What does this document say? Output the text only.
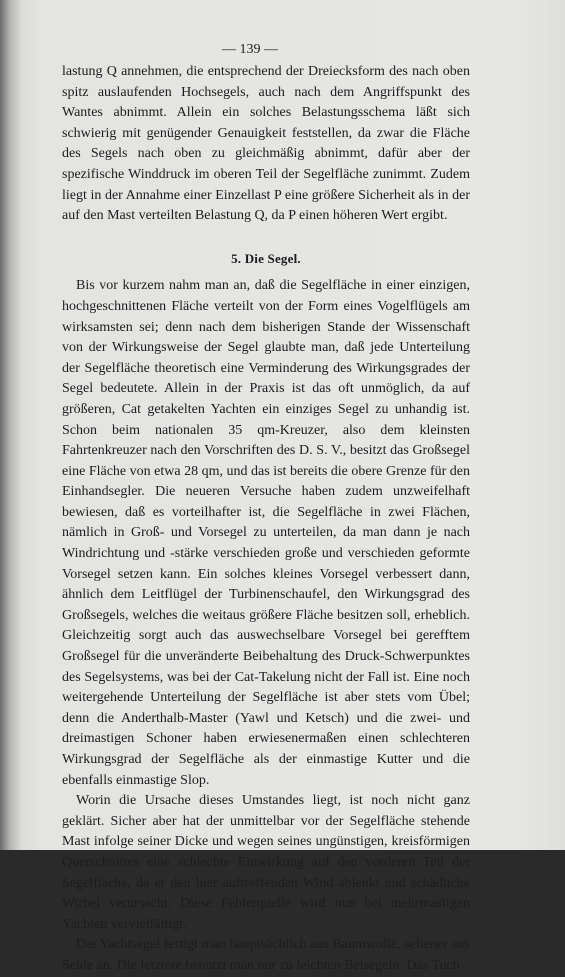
— 139 —

lastung Q annehmen, die entsprechend der Dreiecksform des nach oben spitz auslaufenden Hochsegels, auch nach dem Angriffspunkt des Wantes abnimmt. Allein ein solches Belastungsschema läßt sich schwierig mit genügender Genauigkeit feststellen, da zwar die Fläche des Segels nach oben zu gleichmäßig abnimmt, dafür aber der spezifische Winddruck im oberen Teil der Segelfläche zunimmt. Zudem liegt in der Annahme einer Einzellast P eine größere Sicherheit als in der auf den Mast verteilten Belastung Q, da P einen höheren Wert ergibt.

5. Die Segel.

Bis vor kurzem nahm man an, daß die Segelfläche in einer einzigen, hochgeschnittenen Fläche verteilt von der Form eines Vogelflügels am wirksamsten sei; denn nach dem bisherigen Stande der Wissenschaft von der Wirkungsweise der Segel glaubte man, daß jede Unterteilung der Segelfläche theoretisch eine Verminderung des Wirkungsgrades der Segel bedeutete. Allein in der Praxis ist das oft unmöglich, da auf größeren, Cat getakelten Yachten ein einziges Segel zu unhandig ist. Schon beim nationalen 35 qm-Kreuzer, also dem kleinsten Fahrtenkreuzer nach den Vorschriften des D. S. V., besitzt das Großsegel eine Fläche von etwa 28 qm, und das ist bereits die obere Grenze für den Einhandsegler. Die neueren Versuche haben zudem unzweifelhaft bewiesen, daß es vorteilhafter ist, die Segelfläche in zwei Flächen, nämlich in Groß- und Vorsegel zu unterteilen, da man dann je nach Windrichtung und -stärke verschieden große und verschieden geformte Vorsegel setzen kann. Ein solches kleines Vorsegel verbessert dann, ähnlich dem Leitflügel der Turbinenschaufel, den Wirkungsgrad des Großsegels, welches die weitaus größere Fläche besitzen soll, erheblich. Gleichzeitig sorgt auch das auswechselbare Vorsegel bei gerefftem Großsegel für die unveränderte Beibehaltung des Druck-Schwerpunktes des Segelsystems, was bei der Cat-Takelung nicht der Fall ist. Eine noch weitergehende Unterteilung der Segelfläche ist aber stets vom Übel; denn die Anderthalb-Master (Yawl und Ketsch) und die zwei- und dreimastigen Schoner haben erwiesenermaßen einen schlechteren Wirkungsgrad der Segelfläche als der einmastige Kutter und die ebenfalls einmastige Slop.

Worin die Ursache dieses Umstandes liegt, ist noch nicht ganz geklärt. Sicher aber hat der unmittelbar vor der Segelfläche stehende Mast infolge seiner Dicke und wegen seines ungünstigen, kreisförmigen Querschnittes eine schlechte Einwirkung auf den vorderen Teil der Segelfläche, da er den hier auftreffenden Wind ablenkt und schädliche Wirbel verursacht. Diese Fehlerquelle wird nun bei mehrmastigen Yachten vervielfältigt.

Die Yachtsegel fertigt man hauptsächlich aus Baumwolle, seltener aus Seide an. Die letztere benutzt man nur zu leichten Beisegeln. Das Tuch
